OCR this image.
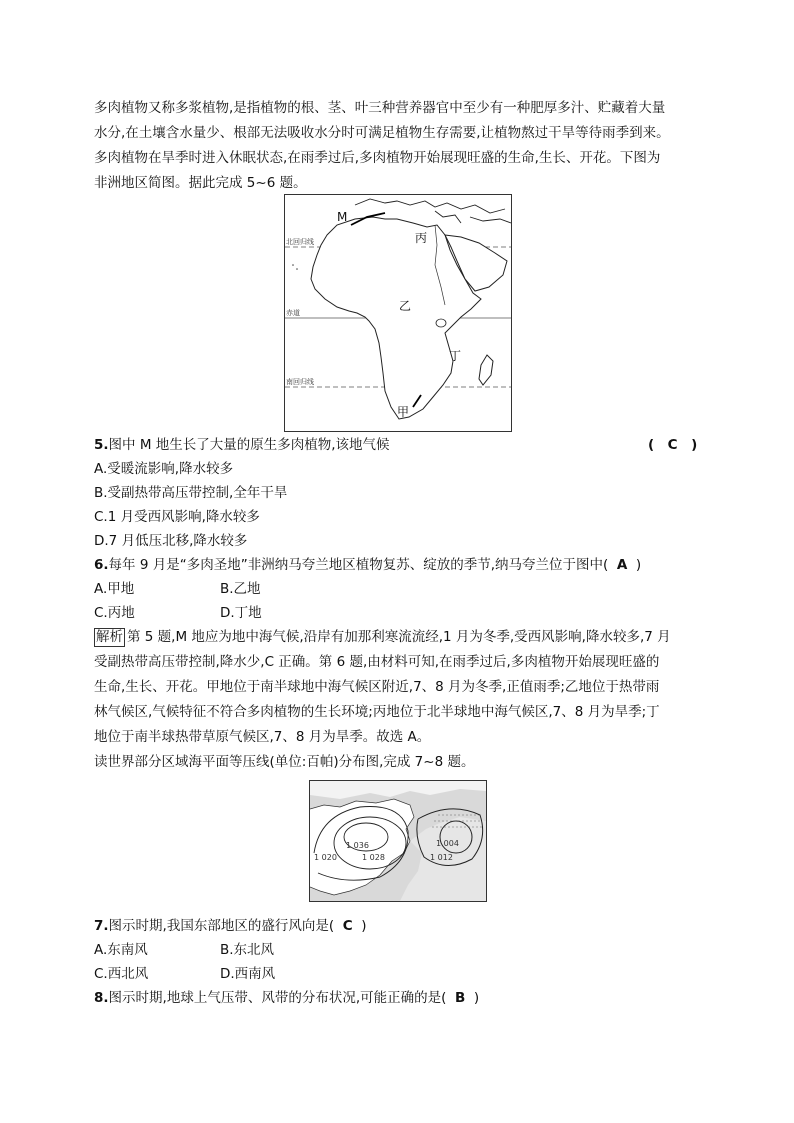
多肉植物又称多浆植物,是指植物的根、茎、叶三种营养器官中至少有一种肥厚多汁、贮藏着大量
水分,在土壤含水量少、根部无法吸收水分时可满足植物生存需要,让植物熬过干旱等待雨季到来。
多肉植物在旱季时进入休眠状态,在雨季过后,多肉植物开始展现旺盛的生命,生长、开花。下图为
非洲地区简图。据此完成 5~6 题。
M
丙
乙
丁
甲
北回归线
赤道
南回归线
5.图中 M 地生长了大量的原生多肉植物,该地气候	(　C　)
A.受暖流影响,降水较多
B.受副热带高压带控制,全年干旱
C.1 月受西风影响,降水较多
D.7 月低压北移,降水较多
6.每年 9 月是“多肉圣地”非洲纳马夸兰地区植物复苏、绽放的季节,纳马夸兰位于图中( A )
A.甲地	B.乙地
C.丙地	D.丁地
解析 第 5 题,M 地应为地中海气候,沿岸有加那利寒流流经,1 月为冬季,受西风影响,降水较多,7 月
受副热带高压带控制,降水少,C 正确。第 6 题,由材料可知,在雨季过后,多肉植物开始展现旺盛的
生命,生长、开花。甲地位于南半球地中海气候区附近,7、8 月为冬季,正值雨季;乙地位于热带雨
林气候区,气候特征不符合多肉植物的生长环境;丙地位于北半球地中海气候区,7、8 月为旱季;丁
地位于南半球热带草原气候区,7、8 月为旱季。故选 A。
读世界部分区域海平面等压线(单位:百帕)分布图,完成 7~8 题。
1 036
1 028
1 020
1 004
1 012
7.图示时期,我国东部地区的盛行风向是( C )
A.东南风	B.东北风
C.西北风	D.西南风
8.图示时期,地球上气压带、风带的分布状况,可能正确的是( B )
